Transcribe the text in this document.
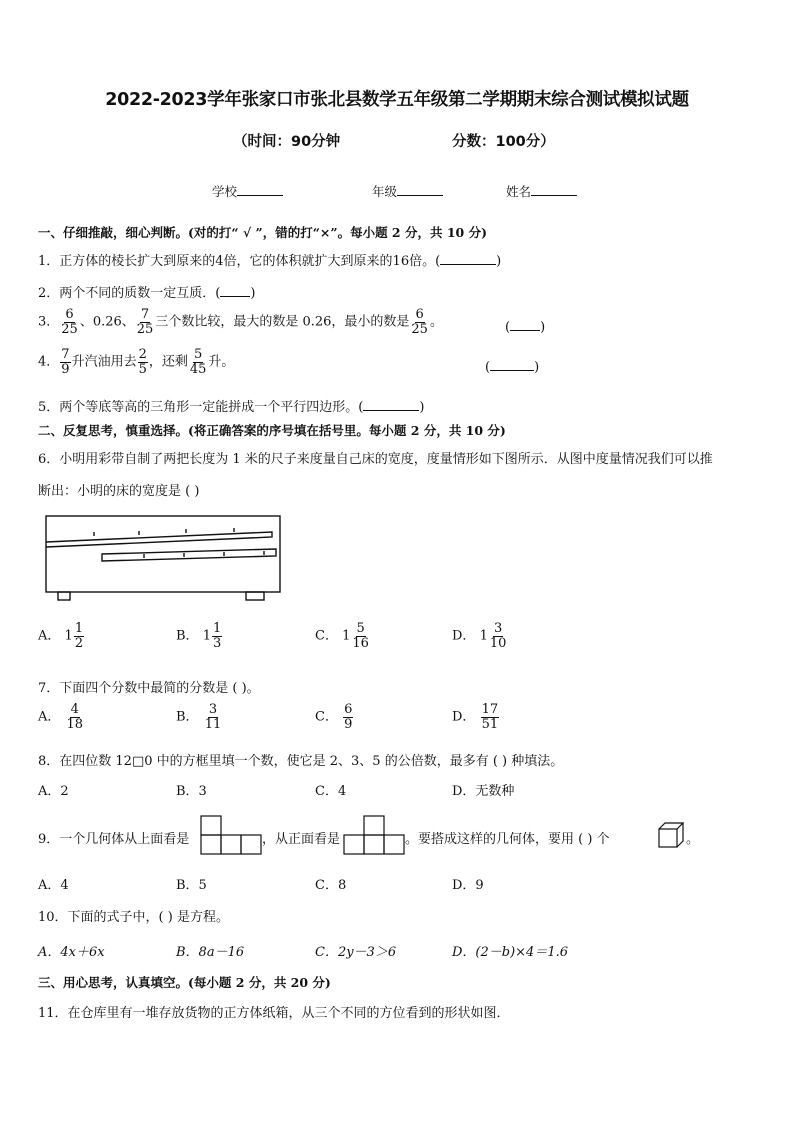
2022-2023学年张家口市张北县数学五年级第二学期期末综合测试模拟试题
（时间：90分钟	分数：100分）
学校	年级	姓名
一、仔细推敲，细心判断。(对的打“ √ ”，错的打“×”。每小题 2 分，共 10 分)
1．正方体的棱长扩大到原来的4倍，它的体积就扩大到原来的16倍。(	)
2．两个不同的质数一定互质．( )
3． $\frac{6}{25}$ 、0.26、 $\frac{7}{25}$ 三个数比较，最大的数是 0.26，最小的数是 $\frac{6}{25}$ 。	( )
4． $\frac{7}{9}$ 升汽油用去 $\frac{2}{5}$ ，还剩 $\frac{5}{45}$ 升。	(	)
5．两个等底等高的三角形一定能拼成一个平行四边形。(	)
二、反复思考，慎重选择。(将正确答案的序号填在括号里。每小题 2 分，共 10 分)
6．小明用彩带自制了两把长度为 1 米的尺子来度量自己床的宽度，度量情形如下图所示．从图中度量情况我们可以推
断出：小明的床的宽度是 ( )
A． $1 \frac{1}{2}$	B． $1 \frac{1}{3}$	C． $1 \frac{5}{16}$	D． $1 \frac{3}{10}$
7．下面四个分数中最简的分数是 ( )。
A． $\frac{4}{18}$	B． $\frac{3}{11}$	C． $\frac{6}{9}$	D． $\frac{17}{51}$
8．在四位数 12□0 中的方框里填一个数，使它是 2、3、5 的公倍数，最多有 ( ) 种填法。
A．2	B．3	C．4	D．无数种
9．一个几何体从上面看是	，从正面看是	。要搭成这样的几何体，要用 ( ) 个	。
A．4	B．5	C．8	D．9
10．下面的式子中，( ) 是方程。
A．4x＋6x	B．8a－16	C．2y－3＞6	D．(2－b)×4＝1.6
三、用心思考，认真填空。(每小题 2 分，共 20 分)
11．在仓库里有一堆存放货物的正方体纸箱，从三个不同的方位看到的形状如图．
